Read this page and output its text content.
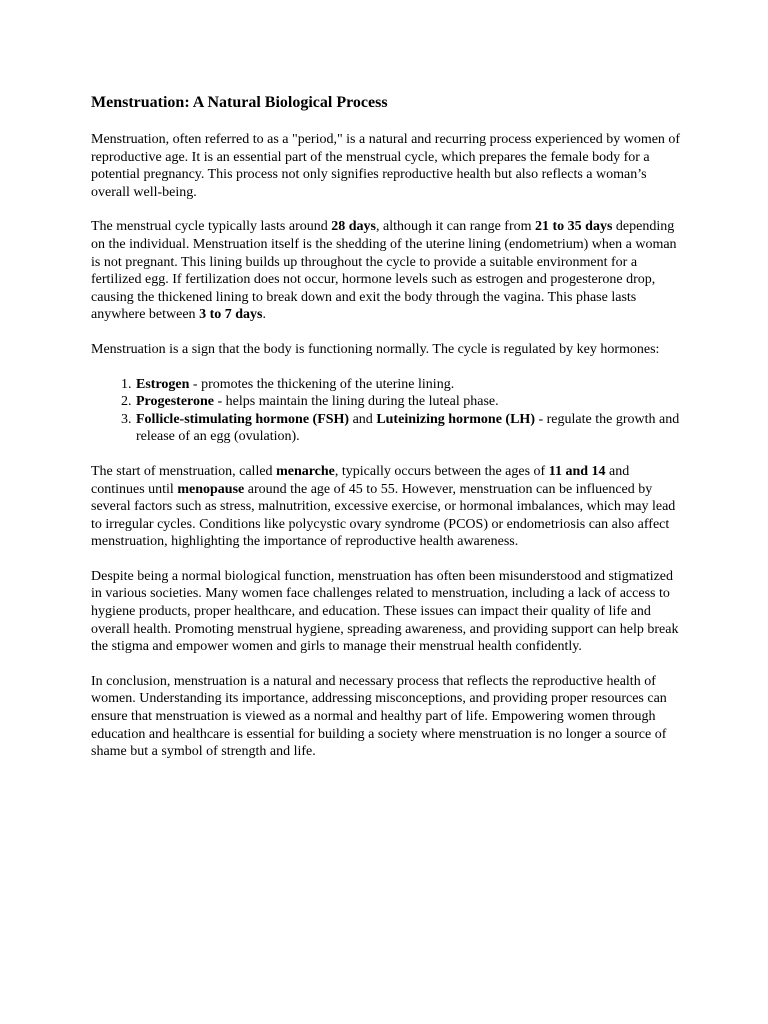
Menstruation: A Natural Biological Process

Menstruation, often referred to as a "period," is a natural and recurring process experienced by women of reproductive age. It is an essential part of the menstrual cycle, which prepares the female body for a potential pregnancy. This process not only signifies reproductive health but also reflects a woman’s overall well-being.

The menstrual cycle typically lasts around 28 days, although it can range from 21 to 35 days depending on the individual. Menstruation itself is the shedding of the uterine lining (endometrium) when a woman is not pregnant. This lining builds up throughout the cycle to provide a suitable environment for a fertilized egg. If fertilization does not occur, hormone levels such as estrogen and progesterone drop, causing the thickened lining to break down and exit the body through the vagina. This phase lasts anywhere between 3 to 7 days.

Menstruation is a sign that the body is functioning normally. The cycle is regulated by key hormones:

1. Estrogen - promotes the thickening of the uterine lining.
2. Progesterone - helps maintain the lining during the luteal phase.
3. Follicle-stimulating hormone (FSH) and Luteinizing hormone (LH) - regulate the growth and release of an egg (ovulation).

The start of menstruation, called menarche, typically occurs between the ages of 11 and 14 and continues until menopause around the age of 45 to 55. However, menstruation can be influenced by several factors such as stress, malnutrition, excessive exercise, or hormonal imbalances, which may lead to irregular cycles. Conditions like polycystic ovary syndrome (PCOS) or endometriosis can also affect menstruation, highlighting the importance of reproductive health awareness.

Despite being a normal biological function, menstruation has often been misunderstood and stigmatized in various societies. Many women face challenges related to menstruation, including a lack of access to hygiene products, proper healthcare, and education. These issues can impact their quality of life and overall health. Promoting menstrual hygiene, spreading awareness, and providing support can help break the stigma and empower women and girls to manage their menstrual health confidently.

In conclusion, menstruation is a natural and necessary process that reflects the reproductive health of women. Understanding its importance, addressing misconceptions, and providing proper resources can ensure that menstruation is viewed as a normal and healthy part of life. Empowering women through education and healthcare is essential for building a society where menstruation is no longer a source of shame but a symbol of strength and life.
